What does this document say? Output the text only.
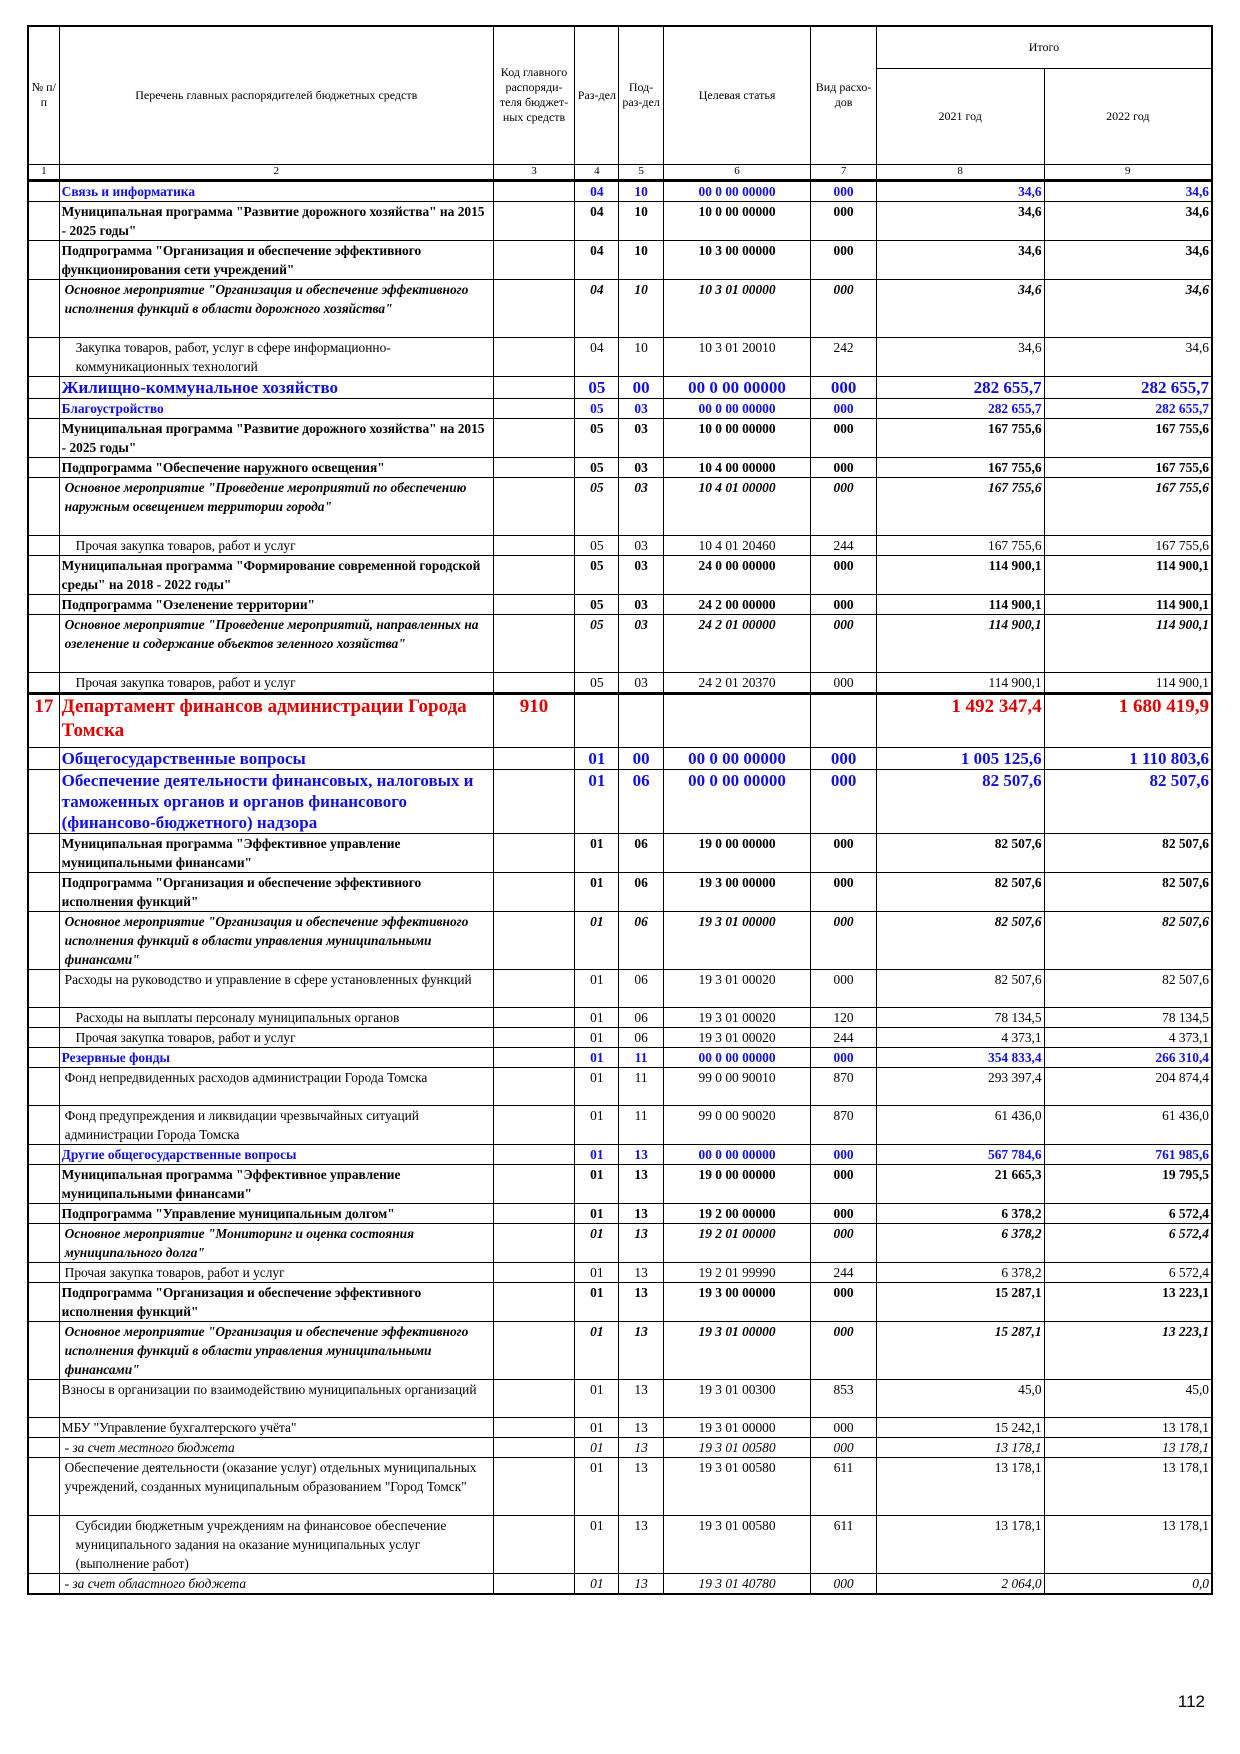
№ п/п	Перечень главных распорядителей бюджетных средств	Код главного распоряди-теля бюджет-ных средств	Раз-дел	Под-раз-дел	Целевая статья	Вид расхо-дов	Итого	
							2021 год	2022 год
1	2	3	4	5	6	7	8	9
	Связь и информатика		04	10	00 0 00 00000	000	34,6	34,6
	Муниципальная программа "Развитие дорожного хозяйства" на 2015 - 2025 годы"		04	10	10 0 00 00000	000	34,6	34,6
	Подпрограмма "Организация и обеспечение эффективного функционирования сети учреждений"		04	10	10 3 00 00000	000	34,6	34,6
	Основное мероприятие "Организация и обеспечение эффективного исполнения функций в области дорожного хозяйства"		04	10	10 3 01 00000	000	34,6	34,6
	Закупка товаров, работ, услуг в сфере информационно-коммуникационных технологий		04	10	10 3 01 20010	242	34,6	34,6
	Жилищно-коммунальное хозяйство		05	00	00 0 00 00000	000	282 655,7	282 655,7
	Благоустройство		05	03	00 0 00 00000	000	282 655,7	282 655,7
	Муниципальная программа "Развитие дорожного хозяйства" на 2015 - 2025 годы"		05	03	10 0 00 00000	000	167 755,6	167 755,6
	Подпрограмма "Обеспечение наружного освещения"		05	03	10 4 00 00000	000	167 755,6	167 755,6
	Основное мероприятие "Проведение мероприятий по обеспечению наружным освещением территории города"		05	03	10 4 01 00000	000	167 755,6	167 755,6
	Прочая закупка товаров, работ и услуг		05	03	10 4 01 20460	244	167 755,6	167 755,6
	Муниципальная программа "Формирование современной городской среды" на 2018 - 2022 годы"		05	03	24 0 00 00000	000	114 900,1	114 900,1
	Подпрограмма "Озеленение территории"		05	03	24 2 00 00000	000	114 900,1	114 900,1
	Основное мероприятие "Проведение мероприятий, направленных на озеленение и содержание объектов зеленного хозяйства"		05	03	24 2 01 00000	000	114 900,1	114 900,1
	Прочая закупка товаров, работ и услуг		05	03	24 2 01 20370	000	114 900,1	114 900,1
17	Департамент финансов администрации Города Томска	910					1 492 347,4	1 680 419,9
	Общегосударственные вопросы		01	00	00 0 00 00000	000	1 005 125,6	1 110 803,6
	Обеспечение деятельности финансовых, налоговых и таможенных органов и органов финансового (финансово-бюджетного) надзора		01	06	00 0 00 00000	000	82 507,6	82 507,6
	Муниципальная программа "Эффективное управление муниципальными финансами"		01	06	19 0 00 00000	000	82 507,6	82 507,6
	Подпрограмма "Организация и обеспечение эффективного исполнения функций"		01	06	19 3 00 00000	000	82 507,6	82 507,6
	Основное мероприятие "Организация и обеспечение эффективного исполнения функций в области управления муниципальными финансами"		01	06	19 3 01 00000	000	82 507,6	82 507,6
	Расходы на руководство и управление в сфере установленных функций		01	06	19 3 01 00020	000	82 507,6	82 507,6
	Расходы на выплаты персоналу муниципальных органов		01	06	19 3 01 00020	120	78 134,5	78 134,5
	Прочая закупка товаров, работ и услуг		01	06	19 3 01 00020	244	4 373,1	4 373,1
	Резервные фонды		01	11	00 0 00 00000	000	354 833,4	266 310,4
	Фонд непредвиденных расходов администрации Города Томска		01	11	99 0 00 90010	870	293 397,4	204 874,4
	Фонд предупреждения и ликвидации чрезвычайных ситуаций администрации Города Томска		01	11	99 0 00 90020	870	61 436,0	61 436,0
	Другие общегосударственные вопросы		01	13	00 0 00 00000	000	567 784,6	761 985,6
	Муниципальная программа "Эффективное управление муниципальными финансами"		01	13	19 0 00 00000	000	21 665,3	19 795,5
	Подпрограмма "Управление муниципальным долгом"		01	13	19 2 00 00000	000	6 378,2	6 572,4
	Основное мероприятие "Мониторинг и оценка состояния муниципального долга"		01	13	19 2 01 00000	000	6 378,2	6 572,4
	Прочая закупка товаров, работ и услуг		01	13	19 2 01 99990	244	6 378,2	6 572,4
	Подпрограмма "Организация и обеспечение эффективного исполнения функций"		01	13	19 3 00 00000	000	15 287,1	13 223,1
	Основное мероприятие "Организация и обеспечение эффективного исполнения функций в области управления муниципальными финансами"		01	13	19 3 01 00000	000	15 287,1	13 223,1
	Взносы в организации по взаимодействию муниципальных организаций		01	13	19 3 01 00300	853	45,0	45,0
	МБУ "Управление бухгалтерского учёта"		01	13	19 3 01 00000	000	15 242,1	13 178,1
	- за счет местного бюджета		01	13	19 3 01 00580	000	13 178,1	13 178,1
	Обеспечение деятельности (оказание услуг) отдельных муниципальных учреждений, созданных муниципальным образованием "Город Томск"		01	13	19 3 01 00580	611	13 178,1	13 178,1
	Субсидии бюджетным учреждениям на финансовое обеспечение муниципального задания на оказание муниципальных услуг (выполнение работ)		01	13	19 3 01 00580	611	13 178,1	13 178,1
	- за счет областного бюджета		01	13	19 3 01 40780	000	2 064,0	0,0
112
